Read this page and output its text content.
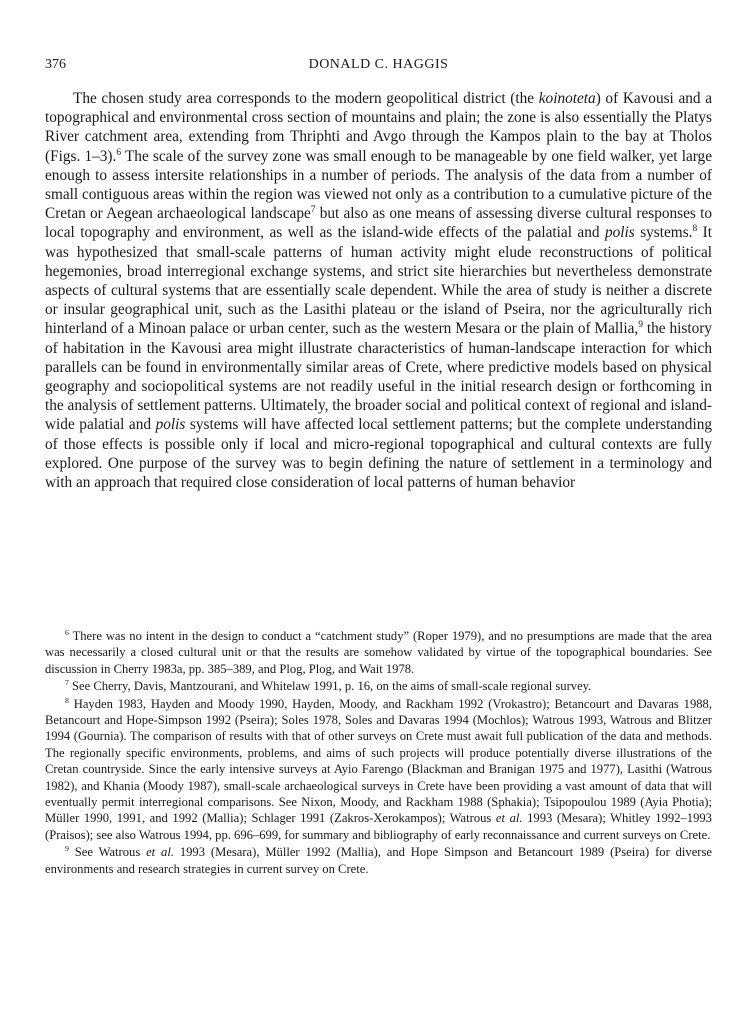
376	DONALD C. HAGGIS

The chosen study area corresponds to the modern geopolitical district (the koinoteta) of Kavousi and a topographical and environmental cross section of mountains and plain; the zone is also essentially the Platys River catchment area, extending from Thriphti and Avgo through the Kampos plain to the bay at Tholos (Figs. 1–3).$^6$ The scale of the survey zone was small enough to be manageable by one field walker, yet large enough to assess intersite relationships in a number of periods. The analysis of the data from a number of small contiguous areas within the region was viewed not only as a contribution to a cumulative picture of the Cretan or Aegean archaeological landscape$^7$ but also as one means of assessing diverse cultural responses to local topography and environment, as well as the island-wide effects of the palatial and polis systems.$^8$ It was hypothesized that small-scale patterns of human activity might elude reconstructions of political hegemonies, broad interregional exchange systems, and strict site hierarchies but nevertheless demonstrate aspects of cultural systems that are essentially scale dependent. While the area of study is neither a discrete or insular geographical unit, such as the Lasithi plateau or the island of Pseira, nor the agriculturally rich hinterland of a Minoan palace or urban center, such as the western Mesara or the plain of Mallia,$^9$ the history of habitation in the Kavousi area might illustrate characteristics of human-landscape interaction for which parallels can be found in environmentally similar areas of Crete, where predictive models based on physical geography and sociopolitical systems are not readily useful in the initial research design or forthcoming in the analysis of settlement patterns. Ultimately, the broader social and political context of regional and island-wide palatial and polis systems will have affected local settlement patterns; but the complete understanding of those effects is possible only if local and micro-regional topographical and cultural contexts are fully explored. One purpose of the survey was to begin defining the nature of settlement in a terminology and with an approach that required close consideration of local patterns of human behavior

$^6$ There was no intent in the design to conduct a “catchment study” (Roper 1979), and no presumptions are made that the area was necessarily a closed cultural unit or that the results are somehow validated by virtue of the topographical boundaries. See discussion in Cherry 1983a, pp. 385–389, and Plog, Plog, and Wait 1978.

$^7$ See Cherry, Davis, Mantzourani, and Whitelaw 1991, p. 16, on the aims of small-scale regional survey.

$^8$ Hayden 1983, Hayden and Moody 1990, Hayden, Moody, and Rackham 1992 (Vrokastro); Betancourt and Davaras 1988, Betancourt and Hope-Simpson 1992 (Pseira); Soles 1978, Soles and Davaras 1994 (Mochlos); Watrous 1993, Watrous and Blitzer 1994 (Gournia). The comparison of results with that of other surveys on Crete must await full publication of the data and methods. The regionally specific environments, problems, and aims of such projects will produce potentially diverse illustrations of the Cretan countryside. Since the early intensive surveys at Ayio Farengo (Blackman and Branigan 1975 and 1977), Lasithi (Watrous 1982), and Khania (Moody 1987), small-scale archaeological surveys in Crete have been providing a vast amount of data that will eventually permit interregional comparisons. See Nixon, Moody, and Rackham 1988 (Sphakia); Tsipopoulou 1989 (Ayia Photia); Müller 1990, 1991, and 1992 (Mallia); Schlager 1991 (Zakros-Xerokampos); Watrous et al. 1993 (Mesara); Whitley 1992–1993 (Praisos); see also Watrous 1994, pp. 696–699, for summary and bibliography of early reconnaissance and current surveys on Crete.

$^9$ See Watrous et al. 1993 (Mesara), Müller 1992 (Mallia), and Hope Simpson and Betancourt 1989 (Pseira) for diverse environments and research strategies in current survey on Crete.
